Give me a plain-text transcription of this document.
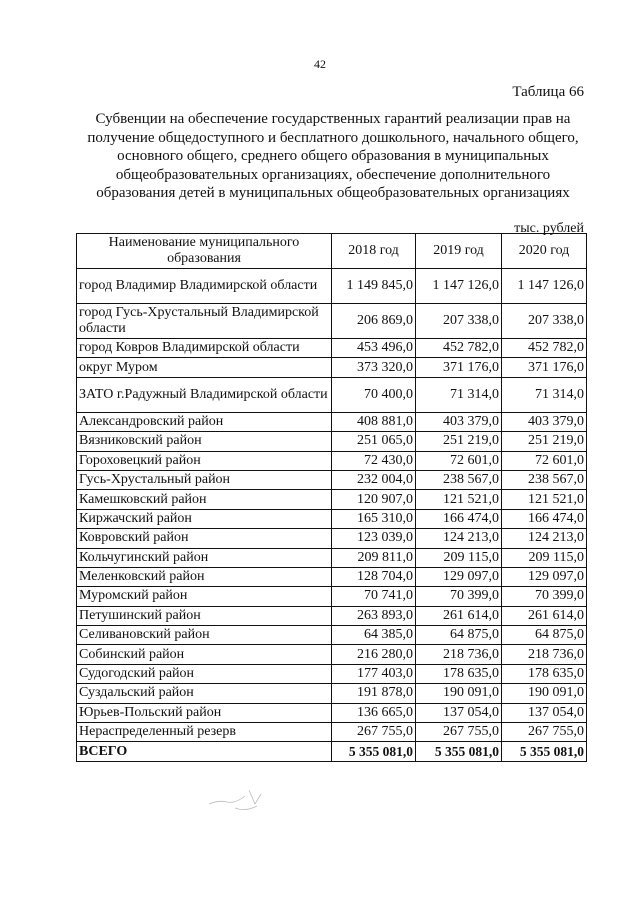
42
Таблица 66
Субвенции на обеспечение государственных гарантий реализации прав на
получение общедоступного и бесплатного дошкольного, начального общего,
основного общего, среднего общего образования в муниципальных
общеобразовательных организациях, обеспечение дополнительного
образования детей в муниципальных общеобразовательных организациях
тыс. рублей
Наименование муниципального образования	2018 год	2019 год	2020 год
город Владимир Владимирской области	1 149 845,0	1 147 126,0	1 147 126,0
город Гусь-Хрустальный Владимирской области	206 869,0	207 338,0	207 338,0
город Ковров Владимирской области	453 496,0	452 782,0	452 782,0
округ Муром	373 320,0	371 176,0	371 176,0
ЗАТО г.Радужный Владимирской области	70 400,0	71 314,0	71 314,0
Александровский район	408 881,0	403 379,0	403 379,0
Вязниковский район	251 065,0	251 219,0	251 219,0
Гороховецкий район	72 430,0	72 601,0	72 601,0
Гусь-Хрустальный район	232 004,0	238 567,0	238 567,0
Камешковский район	120 907,0	121 521,0	121 521,0
Киржачский район	165 310,0	166 474,0	166 474,0
Ковровский район	123 039,0	124 213,0	124 213,0
Кольчугинский район	209 811,0	209 115,0	209 115,0
Меленковский район	128 704,0	129 097,0	129 097,0
Муромский район	70 741,0	70 399,0	70 399,0
Петушинский район	263 893,0	261 614,0	261 614,0
Селивановский район	64 385,0	64 875,0	64 875,0
Собинский район	216 280,0	218 736,0	218 736,0
Судогодский район	177 403,0	178 635,0	178 635,0
Суздальский район	191 878,0	190 091,0	190 091,0
Юрьев-Польский район	136 665,0	137 054,0	137 054,0
Нераспределенный резерв	267 755,0	267 755,0	267 755,0
ВСЕГО	5 355 081,0	5 355 081,0	5 355 081,0
